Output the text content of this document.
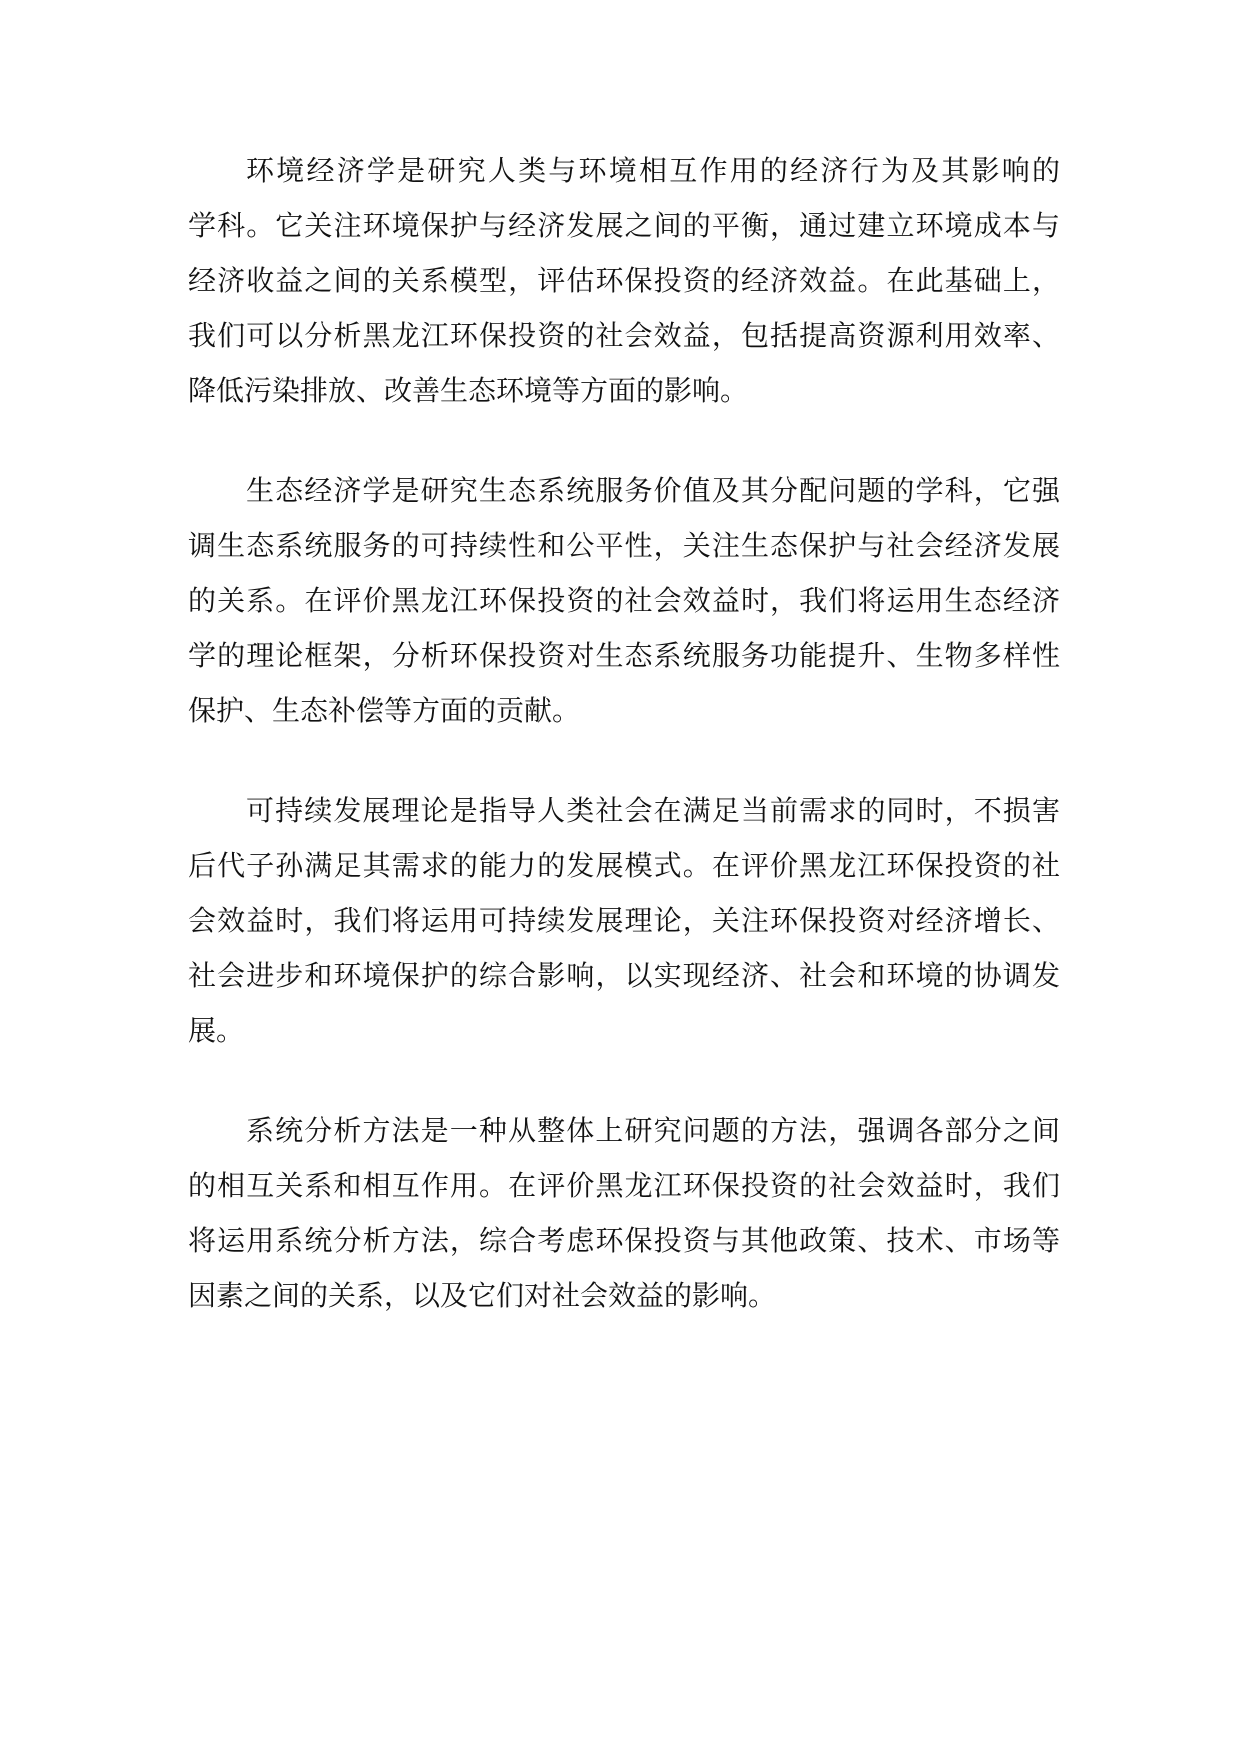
环境经济学是研究人类与环境相互作用的经济行为及其影响的
学科。它关注环境保护与经济发展之间的平衡，通过建立环境成本与
经济收益之间的关系模型，评估环保投资的经济效益。在此基础上，
我们可以分析黑龙江环保投资的社会效益，包括提高资源利用效率、
降低污染排放、改善生态环境等方面的影响。
生态经济学是研究生态系统服务价值及其分配问题的学科，它强
调生态系统服务的可持续性和公平性，关注生态保护与社会经济发展
的关系。在评价黑龙江环保投资的社会效益时，我们将运用生态经济
学的理论框架，分析环保投资对生态系统服务功能提升、生物多样性
保护、生态补偿等方面的贡献。
可持续发展理论是指导人类社会在满足当前需求的同时，不损害
后代子孙满足其需求的能力的发展模式。在评价黑龙江环保投资的社
会效益时，我们将运用可持续发展理论，关注环保投资对经济增长、
社会进步和环境保护的综合影响，以实现经济、社会和环境的协调发
展。
系统分析方法是一种从整体上研究问题的方法，强调各部分之间
的相互关系和相互作用。在评价黑龙江环保投资的社会效益时，我们
将运用系统分析方法，综合考虑环保投资与其他政策、技术、市场等
因素之间的关系，以及它们对社会效益的影响。
